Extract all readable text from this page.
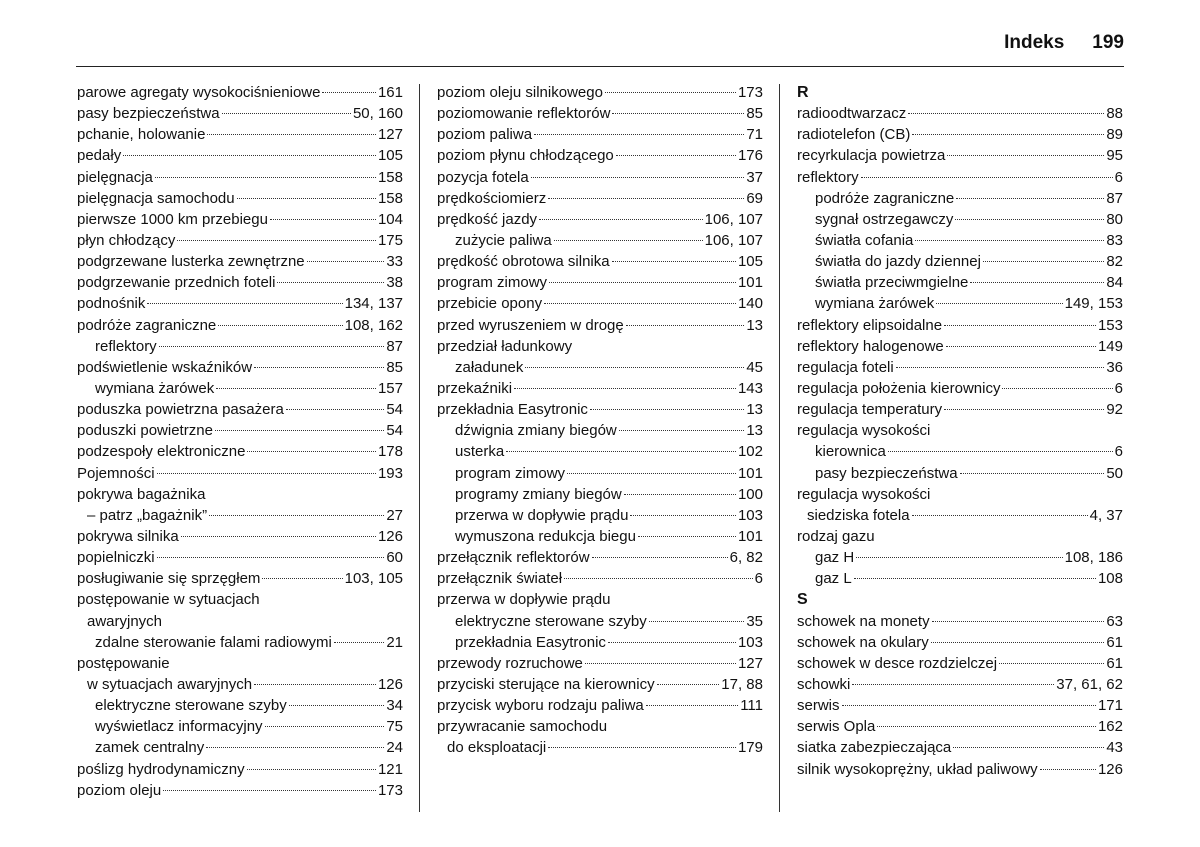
Indeks 199
parowe agregaty wysokociśnieniowe	161
pasy bezpieczeństwa	50, 160
pchanie, holowanie	127
pedały	105
pielęgnacja	158
pielęgnacja samochodu	158
pierwsze 1000 km przebiegu	104
płyn chłodzący	175
podgrzewane lusterka zewnętrzne	33
podgrzewanie przednich foteli	38
podnośnik	134, 137
podróże zagraniczne	108, 162
reflektory	87
podświetlenie wskaźników	85
wymiana żarówek	157
poduszka powietrzna pasażera	54
poduszki powietrzne	54
podzespoły elektroniczne	178
Pojemności	193
pokrywa bagażnika
– patrz „bagażnik”	27
pokrywa silnika	126
popielniczki	60
posługiwanie się sprzęgłem	103, 105
postępowanie w sytuacjach
awaryjnych
zdalne sterowanie falami radiowymi	21
postępowanie
w sytuacjach awaryjnych	126
elektryczne sterowane szyby	34
wyświetlacz informacyjny	75
zamek centralny	24
poślizg hydrodynamiczny	121
poziom oleju	173
poziom oleju silnikowego	173
poziomowanie reflektorów	85
poziom paliwa	71
poziom płynu chłodzącego	176
pozycja fotela	37
prędkościomierz	69
prędkość jazdy	106, 107
zużycie paliwa	106, 107
prędkość obrotowa silnika	105
program zimowy	101
przebicie opony	140
przed wyruszeniem w drogę	13
przedział ładunkowy
załadunek	45
przekaźniki	143
przekładnia Easytronic	13
dźwignia zmiany biegów	13
usterka	102
program zimowy	101
programy zmiany biegów	100
przerwa w dopływie prądu	103
wymuszona redukcja biegu	101
przełącznik reflektorów	6, 82
przełącznik świateł	6
przerwa w dopływie prądu
elektryczne sterowane szyby	35
przekładnia Easytronic	103
przewody rozruchowe	127
przyciski sterujące na kierownicy	17, 88
przycisk wyboru rodzaju paliwa	111
przywracanie samochodu
do eksploatacji	179
R
radioodtwarzacz	88
radiotelefon (CB)	89
recyrkulacja powietrza	95
reflektory	6
podróże zagraniczne	87
sygnał ostrzegawczy	80
światła cofania	83
światła do jazdy dziennej	82
światła przeciwmgielne	84
wymiana żarówek	149, 153
reflektory elipsoidalne	153
reflektory halogenowe	149
regulacja foteli	36
regulacja położenia kierownicy	6
regulacja temperatury	92
regulacja wysokości
kierownica	6
pasy bezpieczeństwa	50
regulacja wysokości
siedziska fotela	4, 37
rodzaj gazu
gaz H	108, 186
gaz L	108
S
schowek na monety	63
schowek na okulary	61
schowek w desce rozdzielczej	61
schowki	37, 61, 62
serwis	171
serwis Opla	162
siatka zabezpieczająca	43
silnik wysokoprężny, układ paliwowy	126
